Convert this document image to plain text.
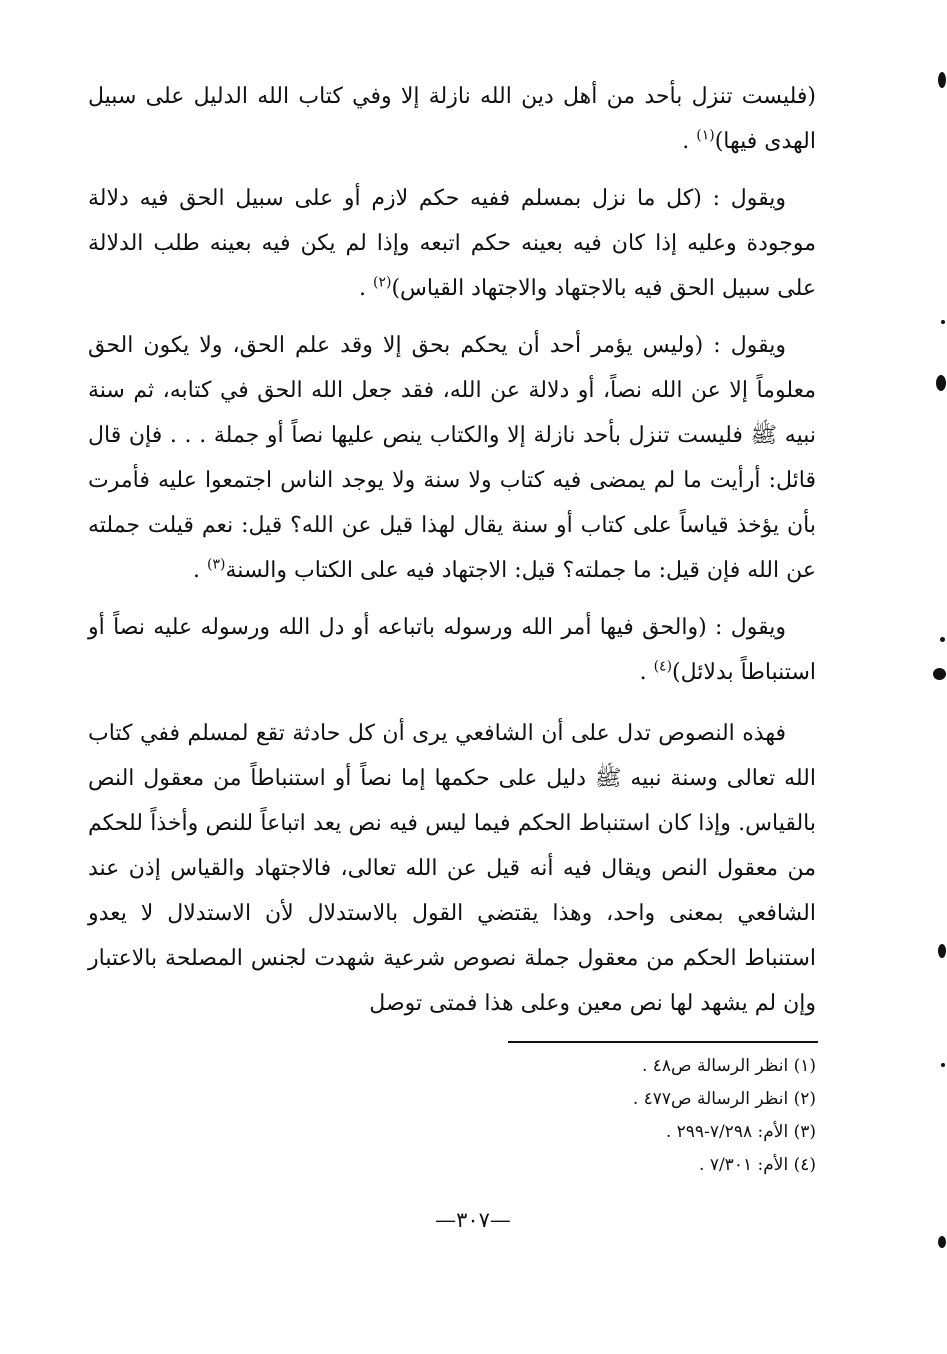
(فليست تنزل بأحد من أهل دين الله نازلة إلا وفي كتاب الله الدليل على سبيل الهدى فيها)$^{(١)}$ .

ويقول : (كل ما نزل بمسلم ففيه حكم لازم أو على سبيل الحق فيه دلالة موجودة وعليه إذا كان فيه بعينه حكم اتبعه وإذا لم يكن فيه بعينه طلب الدلالة على سبيل الحق فيه بالاجتهاد والاجتهاد القياس)$^{(٢)}$ .

ويقول : (وليس يؤمر أحد أن يحكم بحق إلا وقد علم الحق، ولا يكون الحق معلوماً إلا عن الله نصاً، أو دلالة عن الله، فقد جعل الله الحق في كتابه، ثم سنة نبيه ﷺ فليست تنزل بأحد نازلة إلا والكتاب ينص عليها نصاً أو جملة . . . فإن قال قائل: أرأيت ما لم يمضى فيه كتاب ولا سنة ولا يوجد الناس اجتمعوا عليه فأمرت بأن يؤخذ قياساً على كتاب أو سنة يقال لهذا قيل عن الله؟ قيل: نعم قيلت جملته عن الله فإن قيل: ما جملته؟ قيل: الاجتهاد فيه على الكتاب والسنة$^{(٣)}$ .

ويقول : (والحق فيها أمر الله ورسوله باتباعه أو دل الله ورسوله عليه نصاً أو استنباطاً بدلائل)$^{(٤)}$ .

فهذه النصوص تدل على أن الشافعي يرى أن كل حادثة تقع لمسلم ففي كتاب الله تعالى وسنة نبيه ﷺ دليل على حكمها إما نصاً أو استنباطاً من معقول النص بالقياس. وإذا كان استنباط الحكم فيما ليس فيه نص يعد اتباعاً للنص وأخذاً للحكم من معقول النص ويقال فيه أنه قيل عن الله تعالى، فالاجتهاد والقياس إذن عند الشافعي بمعنى واحد، وهذا يقتضي القول بالاستدلال لأن الاستدلال لا يعدو استنباط الحكم من معقول جملة نصوص شرعية شهدت لجنس المصلحة بالاعتبار وإن لم يشهد لها نص معين وعلى هذا فمتى توصل

(١) انظر الرسالة ص٤٨ .

(٢) انظر الرسالة ص٤٧٧ .

(٣) الأم: ٧/٢٩٨-٢٩٩ .

(٤) الأم: ٧/٣٠١ .

—٣٠٧—
